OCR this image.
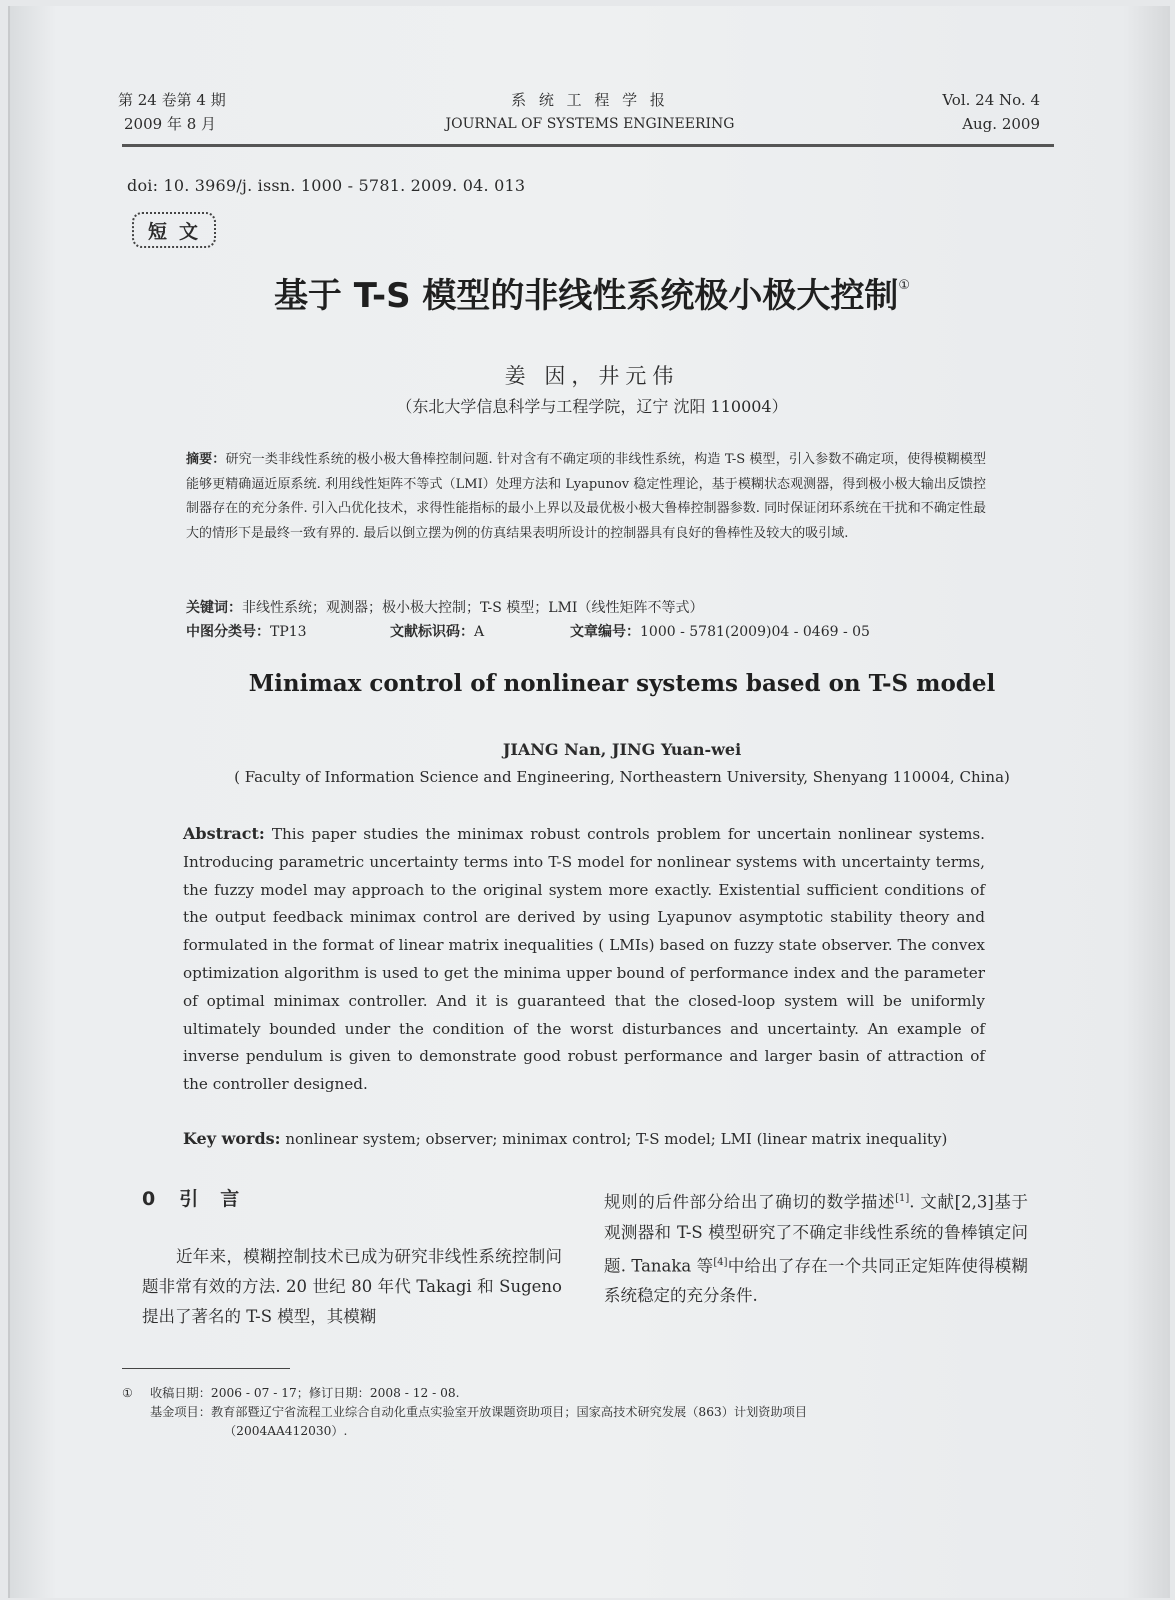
第 24 卷第 4 期
2009 年 8 月
系 统 工 程 学 报
JOURNAL OF SYSTEMS ENGINEERING
Vol. 24 No. 4
Aug. 2009
doi: 10. 3969/j. issn. 1000 - 5781. 2009. 04. 013
短文
基于 T-S 模型的非线性系统极小极大控制①
姜 因，井元伟
（东北大学信息科学与工程学院，辽宁 沈阳 110004）
摘要：研究一类非线性系统的极小极大鲁棒控制问题. 针对含有不确定项的非线性系统，构造 T-S 模型，引入参数不确定项，使得模糊模型能够更精确逼近原系统. 利用线性矩阵不等式（LMI）处理方法和 Lyapunov 稳定性理论，基于模糊状态观测器，得到极小极大输出反馈控制器存在的充分条件. 引入凸优化技术，求得性能指标的最小上界以及最优极小极大鲁棒控制器参数. 同时保证闭环系统在干扰和不确定性最大的情形下是最终一致有界的. 最后以倒立摆为例的仿真结果表明所设计的控制器具有良好的鲁棒性及较大的吸引域.
关键词：非线性系统；观测器；极小极大控制；T-S 模型；LMI（线性矩阵不等式）
中图分类号：TP13	文献标识码：A	文章编号：1000 - 5781(2009)04 - 0469 - 05
Minimax control of nonlinear systems based on T-S model
JIANG Nan, JING Yuan-wei
( Faculty of Information Science and Engineering, Northeastern University, Shenyang 110004, China)
Abstract: This paper studies the minimax robust controls problem for uncertain nonlinear systems. Introducing parametric uncertainty terms into T-S model for nonlinear systems with uncertainty terms, the fuzzy model may approach to the original system more exactly. Existential sufficient conditions of the output feedback minimax control are derived by using Lyapunov asymptotic stability theory and formulated in the format of linear matrix inequalities ( LMIs) based on fuzzy state observer. The convex optimization algorithm is used to get the minima upper bound of performance index and the parameter of optimal minimax controller. And it is guaranteed that the closed-loop system will be uniformly ultimately bounded under the condition of the worst disturbances and uncertainty. An example of inverse pendulum is given to demonstrate good robust performance and larger basin of attraction of the controller designed.
Key words: nonlinear system; observer; minimax control; T-S model; LMI (linear matrix inequality)
0 引言
近年来，模糊控制技术已成为研究非线性系统控制问题非常有效的方法. 20 世纪 80 年代 Takagi 和 Sugeno 提出了著名的 T-S 模型，其模糊
规则的后件部分给出了确切的数学描述[1]. 文献[2,3]基于观测器和 T-S 模型研究了不确定非线性系统的鲁棒镇定问题. Tanaka 等[4]中给出了存在一个共同正定矩阵使得模糊系统稳定的充分条件.
① 收稿日期：2006 - 07 - 17；修订日期：2008 - 12 - 08.
基金项目：教育部暨辽宁省流程工业综合自动化重点实验室开放课题资助项目；国家高技术研究发展（863）计划资助项目
（2004AA412030）.
